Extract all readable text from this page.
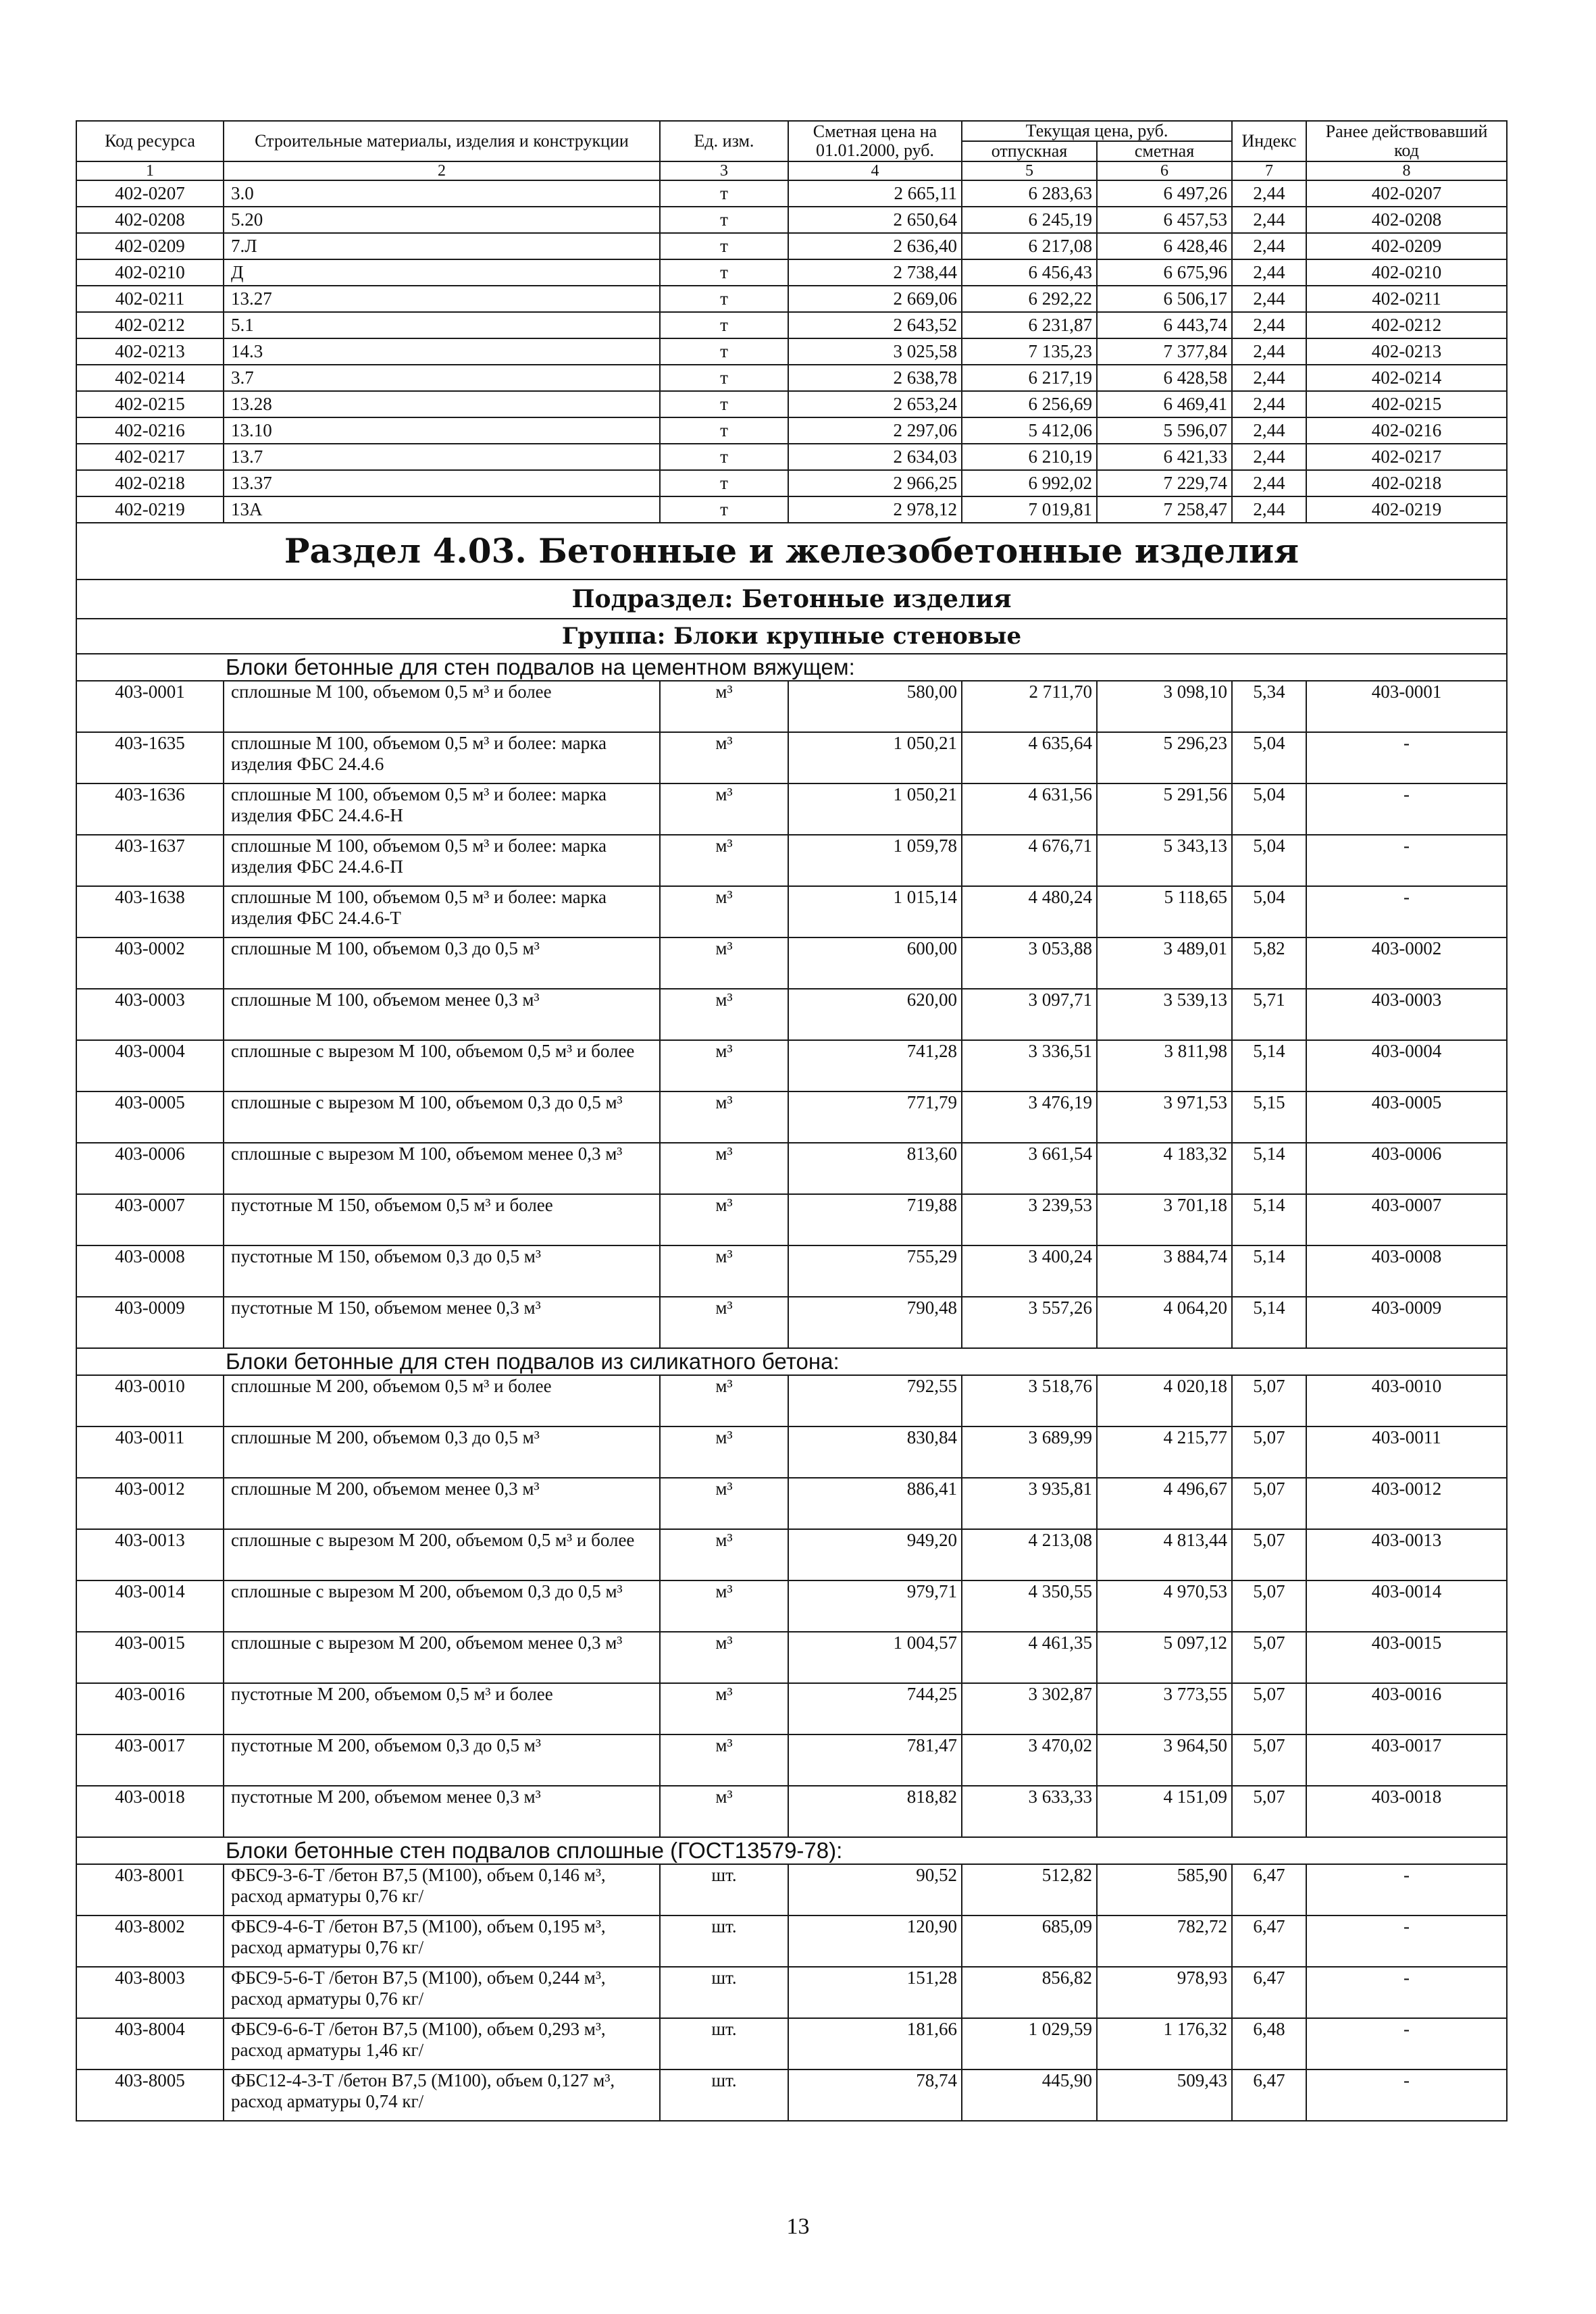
Код ресурса	Строительные материалы, изделия и конструкции	Ед. изм.	Сметная цена на 01.01.2000, руб.	Текущая цена, руб.		Индекс	Ранее действовавший код
				отпускная	сметная		
1	2	3	4	5	6	7	8
402-0207	3.0	т	2 665,11	6 283,63	6 497,26	2,44	402-0207
402-0208	5.20	т	2 650,64	6 245,19	6 457,53	2,44	402-0208
402-0209	7.Л	т	2 636,40	6 217,08	6 428,46	2,44	402-0209
402-0210	Д	т	2 738,44	6 456,43	6 675,96	2,44	402-0210
402-0211	13.27	т	2 669,06	6 292,22	6 506,17	2,44	402-0211
402-0212	5.1	т	2 643,52	6 231,87	6 443,74	2,44	402-0212
402-0213	14.3	т	3 025,58	7 135,23	7 377,84	2,44	402-0213
402-0214	3.7	т	2 638,78	6 217,19	6 428,58	2,44	402-0214
402-0215	13.28	т	2 653,24	6 256,69	6 469,41	2,44	402-0215
402-0216	13.10	т	2 297,06	5 412,06	5 596,07	2,44	402-0216
402-0217	13.7	т	2 634,03	6 210,19	6 421,33	2,44	402-0217
402-0218	13.37	т	2 966,25	6 992,02	7 229,74	2,44	402-0218
402-0219	13А	т	2 978,12	7 019,81	7 258,47	2,44	402-0219
Раздел 4.03. Бетонные и железобетонные изделия							
Подраздел: Бетонные изделия							
Группа: Блоки крупные стеновые							
Блоки бетонные для стен подвалов на цементном вяжущем:							
403-0001	сплошные М 100, объемом 0,5 м³ и более	м³	580,00	2 711,70	3 098,10	5,34	403-0001
403-1635	сплошные М 100, объемом 0,5 м³ и более: марка изделия ФБС 24.4.6	м³	1 050,21	4 635,64	5 296,23	5,04	-
403-1636	сплошные М 100, объемом 0,5 м³ и более: марка изделия ФБС 24.4.6-Н	м³	1 050,21	4 631,56	5 291,56	5,04	-
403-1637	сплошные М 100, объемом 0,5 м³ и более: марка изделия ФБС 24.4.6-П	м³	1 059,78	4 676,71	5 343,13	5,04	-
403-1638	сплошные М 100, объемом 0,5 м³ и более: марка изделия ФБС 24.4.6-Т	м³	1 015,14	4 480,24	5 118,65	5,04	-
403-0002	сплошные М 100, объемом 0,3 до 0,5 м³	м³	600,00	3 053,88	3 489,01	5,82	403-0002
403-0003	сплошные М 100, объемом менее 0,3 м³	м³	620,00	3 097,71	3 539,13	5,71	403-0003
403-0004	сплошные с вырезом М 100, объемом 0,5 м³ и более	м³	741,28	3 336,51	3 811,98	5,14	403-0004
403-0005	сплошные с вырезом М 100, объемом 0,3 до 0,5 м³	м³	771,79	3 476,19	3 971,53	5,15	403-0005
403-0006	сплошные с вырезом М 100, объемом менее 0,3 м³	м³	813,60	3 661,54	4 183,32	5,14	403-0006
403-0007	пустотные М 150, объемом 0,5 м³ и более	м³	719,88	3 239,53	3 701,18	5,14	403-0007
403-0008	пустотные М 150, объемом 0,3 до 0,5 м³	м³	755,29	3 400,24	3 884,74	5,14	403-0008
403-0009	пустотные М 150, объемом менее 0,3 м³	м³	790,48	3 557,26	4 064,20	5,14	403-0009
Блоки бетонные для стен подвалов из силикатного бетона:							
403-0010	сплошные М 200, объемом 0,5 м³ и более	м³	792,55	3 518,76	4 020,18	5,07	403-0010
403-0011	сплошные М 200, объемом 0,3 до 0,5 м³	м³	830,84	3 689,99	4 215,77	5,07	403-0011
403-0012	сплошные М 200, объемом менее 0,3 м³	м³	886,41	3 935,81	4 496,67	5,07	403-0012
403-0013	сплошные с вырезом М 200, объемом 0,5 м³ и более	м³	949,20	4 213,08	4 813,44	5,07	403-0013
403-0014	сплошные с вырезом М 200, объемом 0,3 до 0,5 м³	м³	979,71	4 350,55	4 970,53	5,07	403-0014
403-0015	сплошные с вырезом М 200, объемом менее 0,3 м³	м³	1 004,57	4 461,35	5 097,12	5,07	403-0015
403-0016	пустотные М 200, объемом 0,5 м³ и более	м³	744,25	3 302,87	3 773,55	5,07	403-0016
403-0017	пустотные М 200, объемом 0,3 до 0,5 м³	м³	781,47	3 470,02	3 964,50	5,07	403-0017
403-0018	пустотные М 200, объемом менее 0,3 м³	м³	818,82	3 633,33	4 151,09	5,07	403-0018
Блоки бетонные стен подвалов сплошные (ГОСТ13579-78):							
403-8001	ФБС9-3-6-Т /бетон В7,5 (М100), объем 0,146 м³, расход арматуры 0,76 кг/	шт.	90,52	512,82	585,90	6,47	-
403-8002	ФБС9-4-6-Т /бетон В7,5 (М100), объем 0,195 м³, расход арматуры 0,76 кг/	шт.	120,90	685,09	782,72	6,47	-
403-8003	ФБС9-5-6-Т /бетон В7,5 (М100), объем 0,244 м³, расход арматуры 0,76 кг/	шт.	151,28	856,82	978,93	6,47	-
403-8004	ФБС9-6-6-Т /бетон В7,5 (М100), объем 0,293 м³, расход арматуры 1,46 кг/	шт.	181,66	1 029,59	1 176,32	6,48	-
403-8005	ФБС12-4-3-Т /бетон В7,5 (М100), объем 0,127 м³, расход арматуры 0,74 кг/	шт.	78,74	445,90	509,43	6,47	-
13
